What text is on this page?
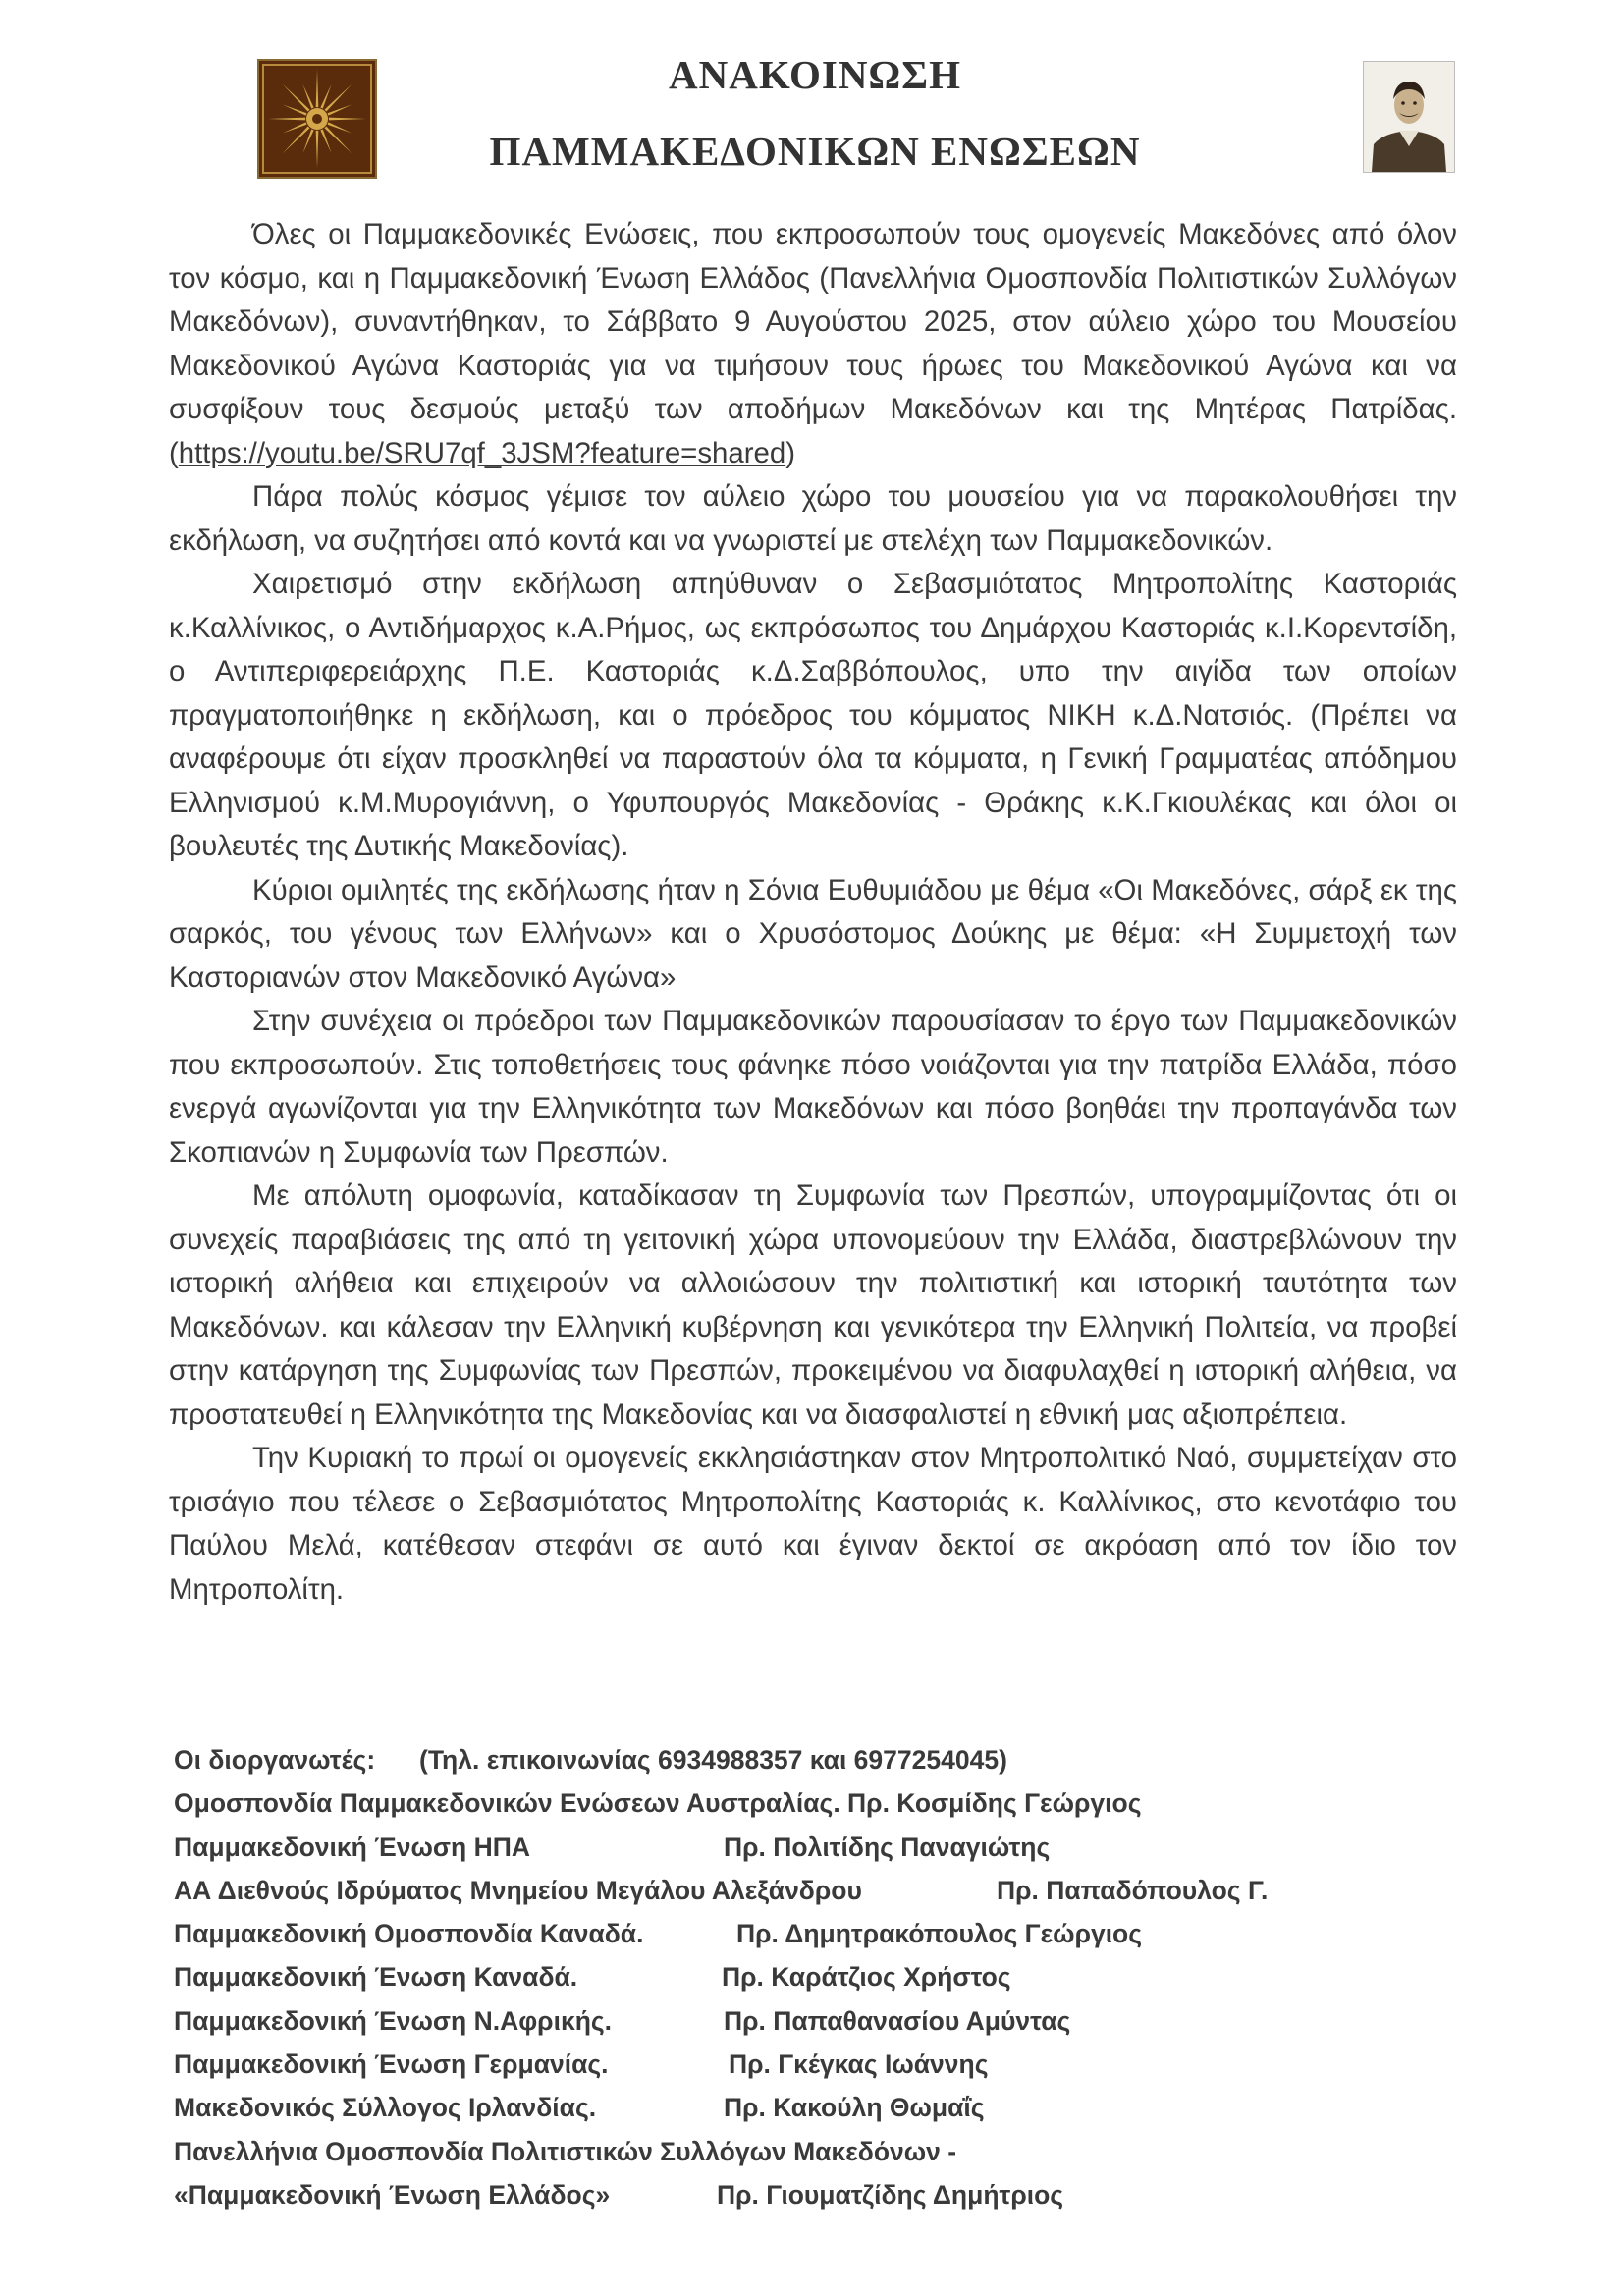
ΑΝΑΚΟΙΝΩΣΗ
ΠΑΜΜΑΚΕΔΟΝΙΚΩΝ ΕΝΩΣΕΩΝ

Όλες οι Παμμακεδονικές Ενώσεις, που εκπροσωπούν τους ομογενείς Μακεδόνες από όλον τον κόσμο, και η Παμμακεδονική Ένωση Ελλάδος (Πανελλήνια Ομοσπονδία Πολιτιστικών Συλλόγων Μακεδόνων), συναντήθηκαν, το Σάββατο 9 Αυγούστου 2025, στον αύλειο χώρο του Μουσείου Μακεδονικού Αγώνα Καστοριάς για να τιμήσουν τους ήρωες του Μακεδονικού Αγώνα και να συσφίξουν τους δεσμούς μεταξύ των αποδήμων Μακεδόνων και της Μητέρας Πατρίδας. (https://youtu.be/SRU7qf_3JSM?feature=shared)

Πάρα πολύς κόσμος γέμισε τον αύλειο χώρο του μουσείου για να παρακολουθήσει την εκδήλωση, να συζητήσει από κοντά και να γνωριστεί με στελέχη των Παμμακεδονικών.

Χαιρετισμό στην εκδήλωση απηύθυναν ο Σεβασμιότατος Μητροπολίτης Καστοριάς κ.Καλλίνικος, ο Αντιδήμαρχος κ.Α.Ρήμος, ως εκπρόσωπος του Δημάρχου Καστοριάς κ.Ι.Κορεντσίδη, ο Αντιπεριφερειάρχης Π.Ε. Καστοριάς κ.Δ.Σαββόπουλος, υπο την αιγίδα των οποίων πραγματοποιήθηκε η εκδήλωση, και ο πρόεδρος του κόμματος ΝΙΚΗ κ.Δ.Νατσιός. (Πρέπει να αναφέρουμε ότι είχαν προσκληθεί να παραστούν όλα τα κόμματα, η Γενική Γραμματέας απόδημου Ελληνισμού κ.Μ.Μυρογιάννη, ο Υφυπουργός Μακεδονίας - Θράκης κ.Κ.Γκιουλέκας και όλοι οι βουλευτές της Δυτικής Μακεδονίας).

Κύριοι ομιλητές της εκδήλωσης ήταν η Σόνια Ευθυμιάδου με θέμα «Οι Μακεδόνες, σάρξ εκ της σαρκός, του γένους των Ελλήνων» και ο Χρυσόστομος Δούκης με θέμα: «Η Συμμετοχή των Καστοριανών στον Μακεδονικό Αγώνα»

Στην συνέχεια οι πρόεδροι των Παμμακεδονικών παρουσίασαν το έργο των Παμμακεδονικών που εκπροσωπούν. Στις τοποθετήσεις τους φάνηκε πόσο νοιάζονται για την πατρίδα Ελλάδα, πόσο ενεργά αγωνίζονται για την Ελληνικότητα των Μακεδόνων και πόσο βοηθάει την προπαγάνδα των Σκοπιανών η Συμφωνία των Πρεσπών.

Με απόλυτη ομοφωνία, καταδίκασαν τη Συμφωνία των Πρεσπών, υπογραμμίζοντας ότι οι συνεχείς παραβιάσεις της από τη γειτονική χώρα υπονομεύουν την Ελλάδα, διαστρεβλώνουν την ιστορική αλήθεια και επιχειρούν να αλλοιώσουν την πολιτιστική και ιστορική ταυτότητα των Μακεδόνων. και κάλεσαν την Ελληνική κυβέρνηση και γενικότερα την Ελληνική Πολιτεία, να προβεί στην κατάργηση της Συμφωνίας των Πρεσπών, προκειμένου να διαφυλαχθεί η ιστορική αλήθεια, να προστατευθεί η Ελληνικότητα της Μακεδονίας και να διασφαλιστεί η εθνική μας αξιοπρέπεια.

Την Κυριακή το πρωί οι ομογενείς εκκλησιάστηκαν στον Μητροπολιτικό Ναό, συμμετείχαν στο τρισάγιο που τέλεσε ο Σεβασμιότατος Μητροπολίτης Καστοριάς κ. Καλλίνικος, στο κενοτάφιο του Παύλου Μελά, κατέθεσαν στεφάνι σε αυτό και έγιναν δεκτοί σε ακρόαση από τον ίδιο τον Μητροπολίτη.

Οι διοργανωτές: (Τηλ. επικοινωνίας 6934988357 και 6977254045)
Ομοσπονδία Παμμακεδονικών Ενώσεων Αυστραλίας. Πρ. Κοσμίδης Γεώργιος
Παμμακεδονική Ένωση ΗΠΑ	Πρ. Πολιτίδης Παναγιώτης
ΑΑ Διεθνούς Ιδρύματος Μνημείου Μεγάλου Αλεξάνδρου	Πρ. Παπαδόπουλος Γ.
Παμμακεδονική Ομοσπονδία Καναδά.	Πρ. Δημητρακόπουλος Γεώργιος
Παμμακεδονική Ένωση Καναδά.	Πρ. Καράτζιος Χρήστος
Παμμακεδονική Ένωση Ν.Αφρικής.	Πρ. Παπαθανασίου Αμύντας
Παμμακεδονική Ένωση Γερμανίας.	Πρ. Γκέγκας Ιωάννης
Μακεδονικός Σύλλογος Ιρλανδίας.	Πρ. Κακούλη Θωμαΐς
Πανελλήνια Ομοσπονδία Πολιτιστικών Συλλόγων Μακεδόνων -
«Παμμακεδονική Ένωση Ελλάδος»	Πρ. Γιουματζίδης Δημήτριος
